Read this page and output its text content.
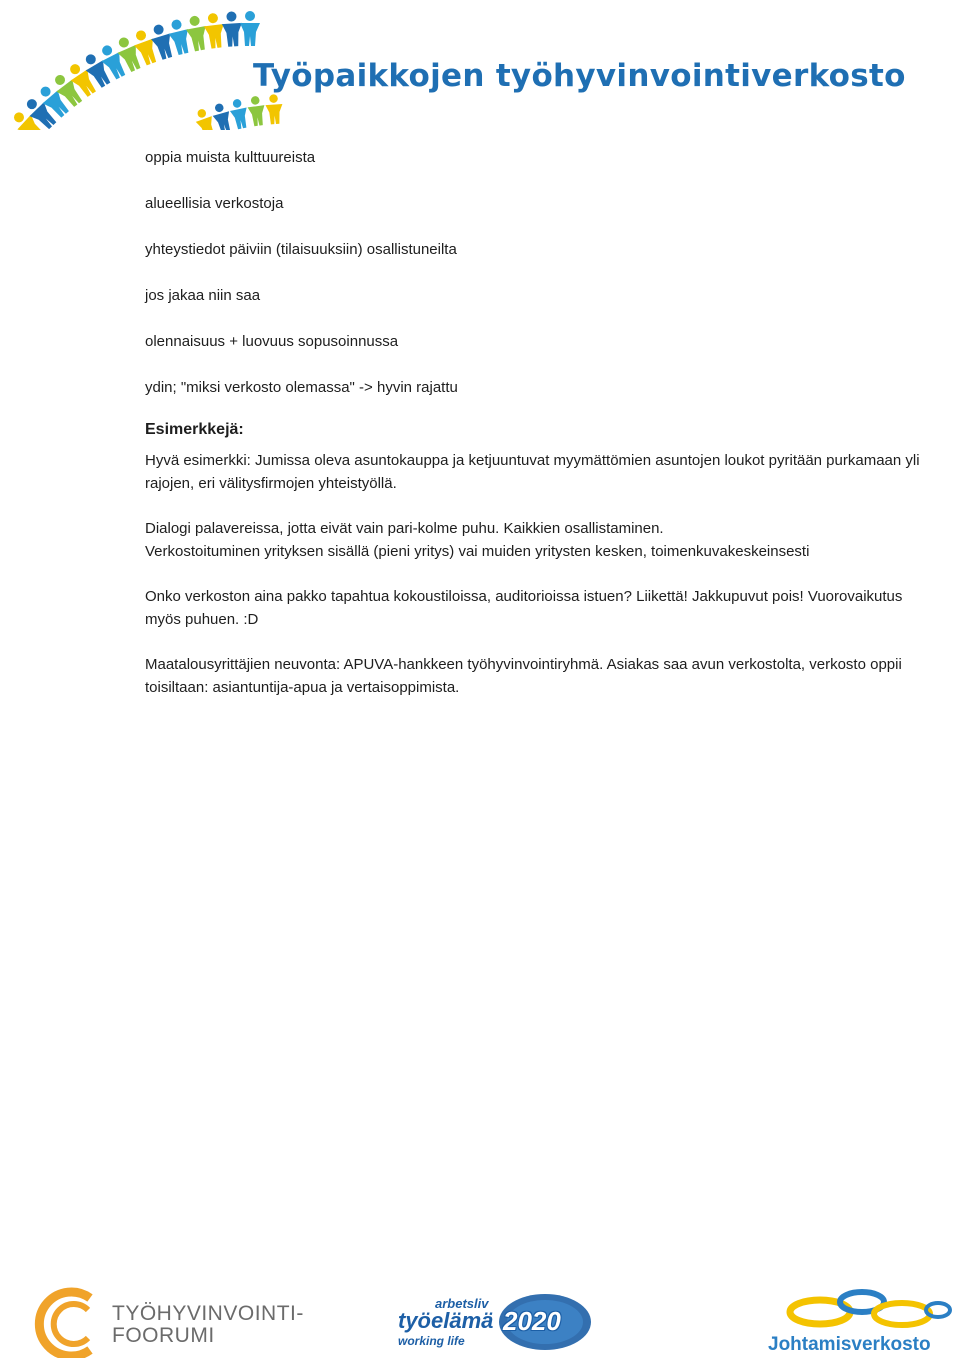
Työpaikkojen työhyvinvointiverkosto

oppia muista kulttuureista

alueellisia verkostoja

yhteystiedot päiviin (tilaisuuksiin) osallistuneilta

jos jakaa niin saa

olennaisuus + luovuus sopusoinnussa

ydin; "miksi verkosto olemassa" -> hyvin rajattu

Esimerkkejä:

Hyvä esimerkki: Jumissa oleva asuntokauppa ja ketjuuntuvat myymättömien asuntojen loukot pyritään purkamaan yli rajojen, eri välitysfirmojen yhteistyöllä.

Dialogi palavereissa, jotta eivät vain pari-kolme puhu. Kaikkien osallistaminen.

Verkostoituminen yrityksen sisällä (pieni yritys) vai muiden yritysten kesken, toimenkuvakeskeinsesti

Onko verkoston aina pakko tapahtua kokoustiloissa, auditorioissa istuen? Liikettä! Jakkupuvut pois! Vuorovaikutus myös puhuen. :D

Maatalousyrittäjien neuvonta: APUVA-hankkeen työhyvinvointiryhmä. Asiakas saa avun verkostolta, verkosto oppii toisiltaan: asiantuntija-apua ja vertaisoppimista.

TYÖHYVINVOINTI-
FOORUMI
arbetsliv
työelämä 2020
working life	Johtamisverkosto
